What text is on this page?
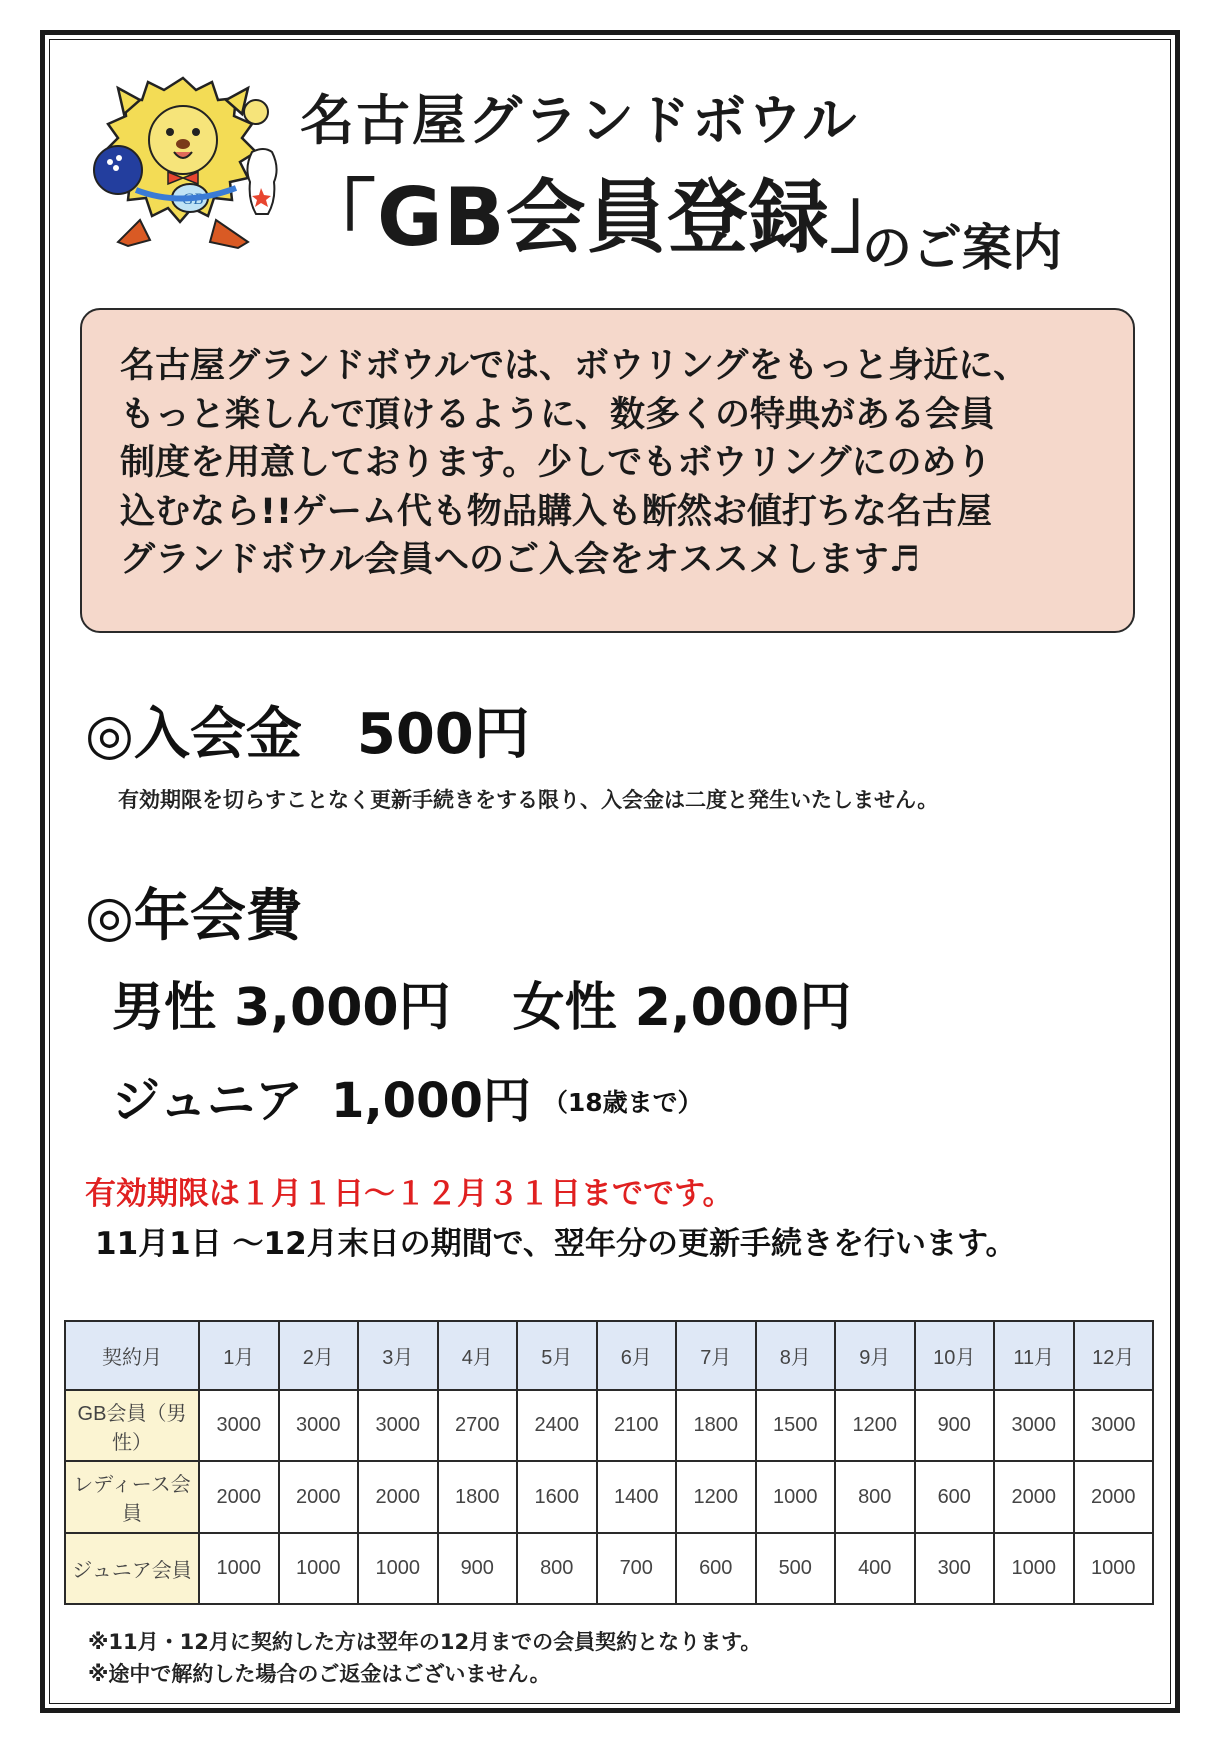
GB
名古屋グランドボウル
「GB会員登録」
のご案内
名古屋グランドボウルでは、ボウリングをもっと身近に、
もっと楽しんで頂けるように、数多くの特典がある会員
制度を用意しております。少しでもボウリングにのめり
込むなら!!ゲーム代も物品購入も断然お値打ちな名古屋
グランドボウル会員へのご入会をオススメします♬
◎入会金 500円
有効期限を切らすことなく更新手続きをする限り、入会金は二度と発生いたしません。
◎年会費
男性 3,000円 女性 2,000円
ジュニア 1,000円 （18歳まで）
有効期限は１月１日～１２月３１日までです。
11月1日 ～12月末日の期間で、翌年分の更新手続きを行います。
契約月	1月	2月	3月	4月	5月	6月	7月	8月	9月	10月	11月	12月
GB会員（男性）	3000	3000	3000	2700	2400	2100	1800	1500	1200	900	3000	3000
レディース会員	2000	2000	2000	1800	1600	1400	1200	1000	800	600	2000	2000
ジュニア会員	1000	1000	1000	900	800	700	600	500	400	300	1000	1000
※11月・12月に契約した方は翌年の12月までの会員契約となります。
※途中で解約した場合のご返金はございません。
